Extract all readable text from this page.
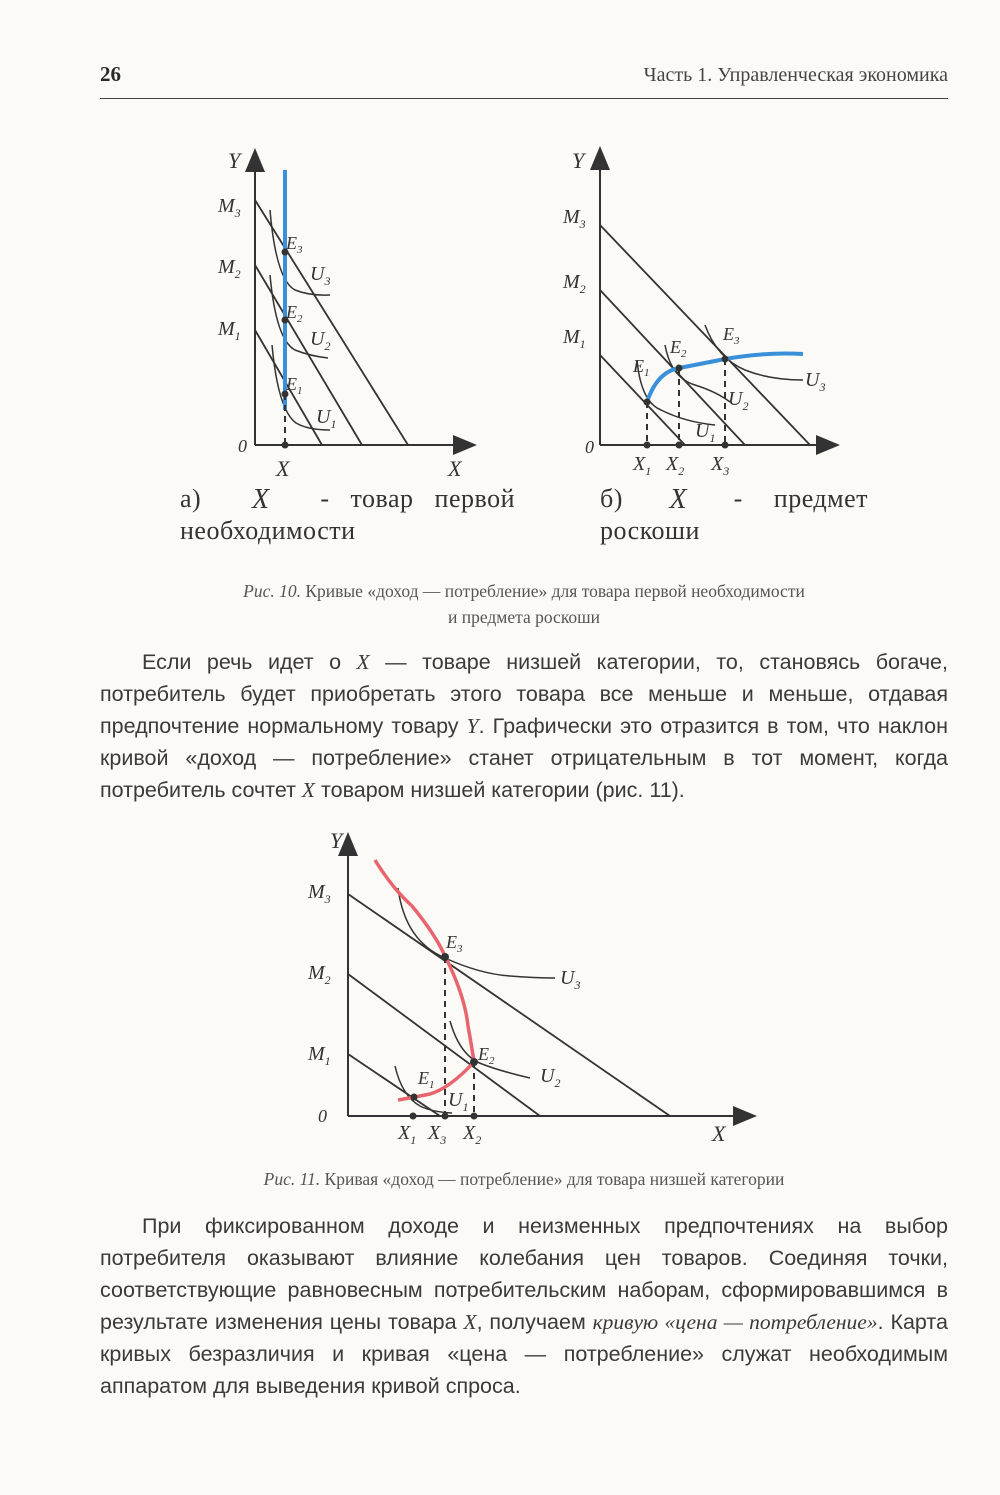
26	Часть 1. Управленческая экономика
Y
X
0
X
$M_3$
$M_2$
$M_1$
$E_3$
$E_2$
$E_1$
$U_3$
$U_2$
$U_1$
Y
0
$M_3$
$M_2$
$M_1$
$E_1$
$E_2$
$E_3$
$U_3$
$U_2$
$U_1$
$X_1$ $X_2$ $X_3$
а) X - товар первой
необходимости
б) X - предмет
роскоши
Рис. 10. Кривые «доход — потребление» для товара первой необходимости
и предмета роскоши

Если речь идет о X — товаре низшей категории, то, становясь богаче, потребитель будет приобретать этого товара все меньше и меньше, отдавая предпочтение нормальному товару Y. Графически это отразится в том, что наклон кривой «доход — потребление» станет отрицательным в тот момент, когда потребитель сочтет X товаром низшей категории (рис. 11).

Y
X
0
$M_3$
$M_2$
$M_1$
$E_3$
$E_2$
$E_1$
$U_3$
$U_2$
$U_1$
$X_1$ $X_3$ $X_2$
Рис. 11. Кривая «доход — потребление» для товара низшей категории

При фиксированном доходе и неизменных предпочтениях на выбор потребителя оказывают влияние колебания цен товаров. Соединяя точки, соответствующие равновесным потребительским наборам, сформировавшимся в результате изменения цены товара X, получаем кривую «цена — потребление». Карта кривых безразличия и кривая «цена — потребление» служат необходимым аппаратом для выведения кривой спроса.
